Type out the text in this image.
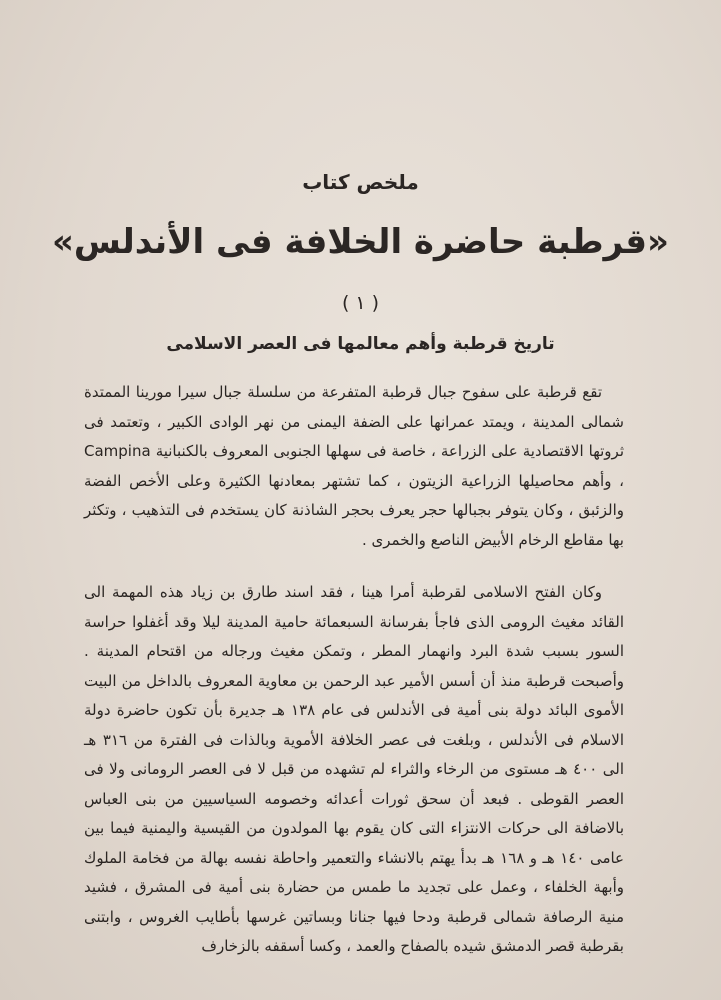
ملخص كتاب
«قرطبة حاضرة الخلافة فى الأندلس»
( ١ )
تاريخ قرطبة وأهم معالمها فى العصر الاسلامى
تقع قرطبة على سفوح جبال قرطبة المتفرعة من سلسلة جبال سيرا مورينا الممتدة شمالى المدينة ، ويمتد عمرانها على الضفة اليمنى من نهر الوادى الكبير ، وتعتمد فى ثروتها الاقتصادية على الزراعة ، خاصة فى سهلها الجنوبى المعروف بالكنبانية Campina ، وأهم محاصيلها الزراعية الزيتون ، كما تشتهر بمعادنها الكثيرة وعلى الأخص الفضة والزئبق ، وكان يتوفر بجبالها حجر يعرف بحجر الشاذنة كان يستخدم فى التذهيب ، وتكثر بها مقاطع الرخام الأبيض الناصع والخمرى .
وكان الفتح الاسلامى لقرطبة أمرا هينا ، فقد اسند طارق بن زياد هذه المهمة الى القائد مغيث الرومى الذى فاجأ بفرسانة السبعمائة حامية المدينة ليلا وقد أغفلوا حراسة السور بسبب شدة البرد وانهمار المطر ، وتمكن مغيث ورجاله من اقتحام المدينة . وأصبحت قرطبة منذ أن أسس الأمير عبد الرحمن بن معاوية المعروف بالداخل من البيت الأموى البائد دولة بنى أمية فى الأندلس فى عام ١٣٨ هـ جديرة بأن تكون حاضرة دولة الاسلام فى الأندلس ، وبلغت فى عصر الخلافة الأموية وبالذات فى الفترة من ٣١٦ هـ الى ٤٠٠ هـ مستوى من الرخاء والثراء لم تشهده من قبل لا فى العصر الرومانى ولا فى العصر القوطى . فبعد أن سحق ثورات أعدائه وخصومه السياسيين من بنى العباس بالاضافة الى حركات الانتزاء التى كان يقوم بها المولدون من القيسية واليمنية فيما بين عامى ١٤٠ هـ و ١٦٨ هـ بدأ يهتم بالانشاء والتعمير واحاطة نفسه بهالة من فخامة الملوك وأبهة الخلفاء ، وعمل على تجديد ما طمس من حضارة بنى أمية فى المشرق ، فشيد منية الرصافة شمالى قرطبة ودحا فيها جنانا وبساتين غرسها بأطايب الغروس ، وابتنى بقرطبة قصر الدمشق شيده بالصفاح والعمد ، وكسا أسقفه بالزخارف
